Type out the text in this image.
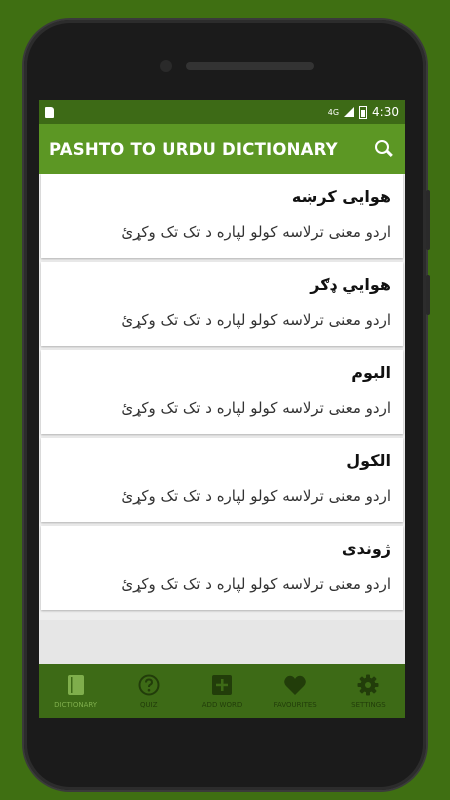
4G	4:30
PASHTO TO URDU DICTIONARY
هوایی کرښه
اردو معنی ترلاسه کولو لپاره د تک تک وکړئ
هوايي ډګر
اردو معنی ترلاسه کولو لپاره د تک تک وکړئ
البوم
اردو معنی ترلاسه کولو لپاره د تک تک وکړئ
الکول
اردو معنی ترلاسه کولو لپاره د تک تک وکړئ
ژوندی
اردو معنی ترلاسه کولو لپاره د تک تک وکړئ
DICTIONARY	QUIZ	ADD WORD	FAVOURITES	SETTINGS
